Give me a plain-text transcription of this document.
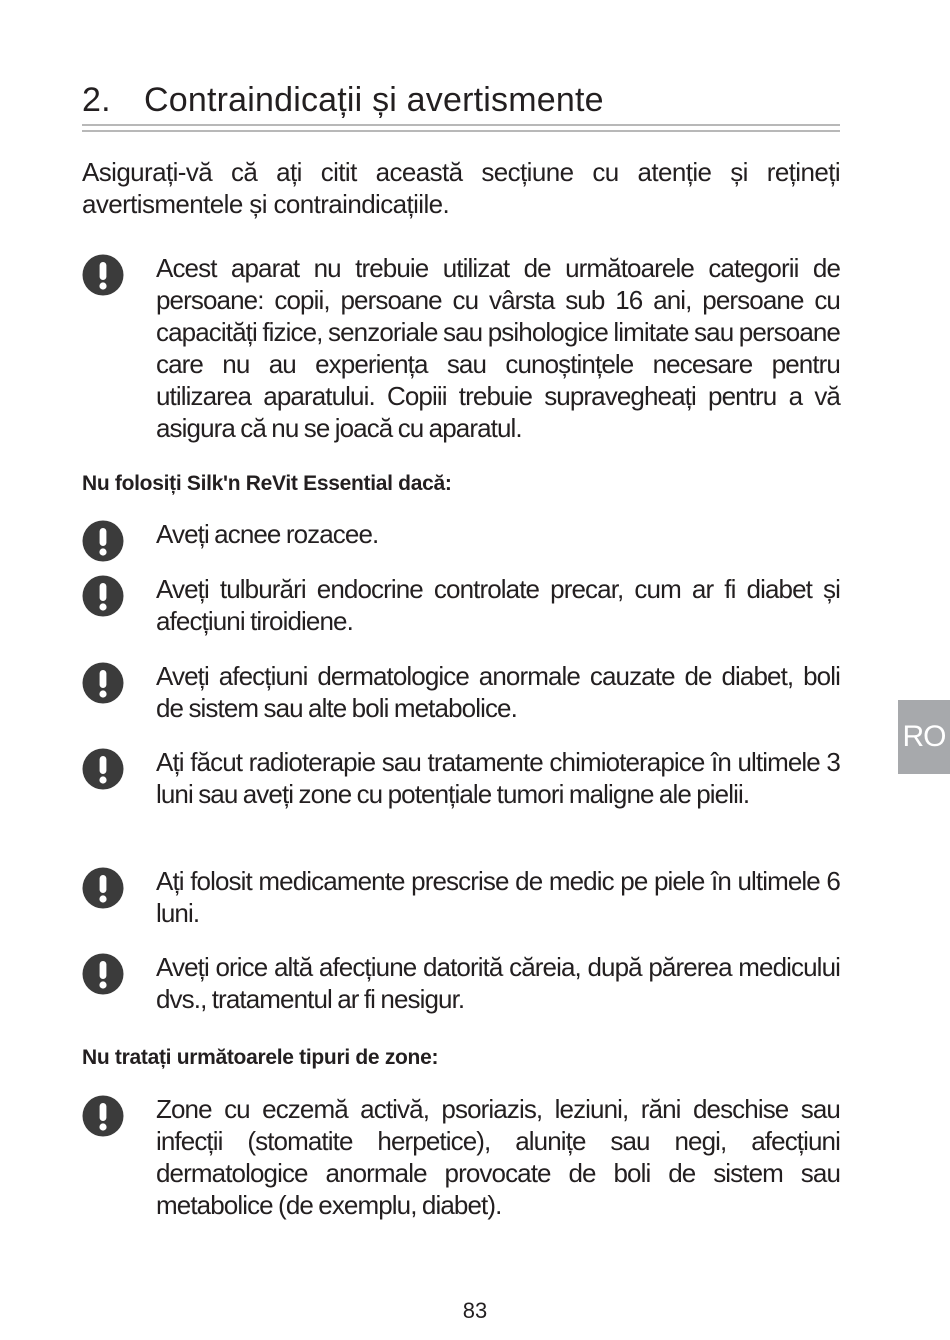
2. Contraindicații și avertismente

Asigurați-vă că ați citit această secțiune cu atenție și rețineți avertismentele și contraindicațiile.

Acest aparat nu trebuie utilizat de următoarele categorii de persoane: copii, persoane cu vârsta sub 16 ani, persoane cu capacități fizice, senzoriale sau psihologice limitate sau persoane care nu au experiența sau cunoștințele necesare pentru utilizarea aparatului. Copiii trebuie supravegheați pentru a vă asigura că nu se joacă cu aparatul.
Nu folosiți Silk'n ReVit Essential dacă:
Aveți acnee rozacee.
Aveți tulburări endocrine controlate precar, cum ar fi diabet și afecțiuni tiroidiene.
Aveți afecțiuni dermatologice anormale cauzate de diabet, boli de sistem sau alte boli metabolice.
Ați făcut radioterapie sau tratamente chimioterapice în ultimele 3 luni sau aveți zone cu potențiale tumori maligne ale pielii.
Ați folosit medicamente prescrise de medic pe piele în ultimele 6 luni.
Aveți orice altă afecțiune datorită căreia, după părerea medicului dvs., tratamentul ar fi nesigur.
Nu tratați următoarele tipuri de zone:
Zone cu eczemă activă, psoriazis, leziuni, răni deschise sau infecții (stomatite herpetice), alunițe sau negi, afecțiuni dermatologice anormale provocate de boli de sistem sau metabolice (de exemplu, diabet).
RO
83
